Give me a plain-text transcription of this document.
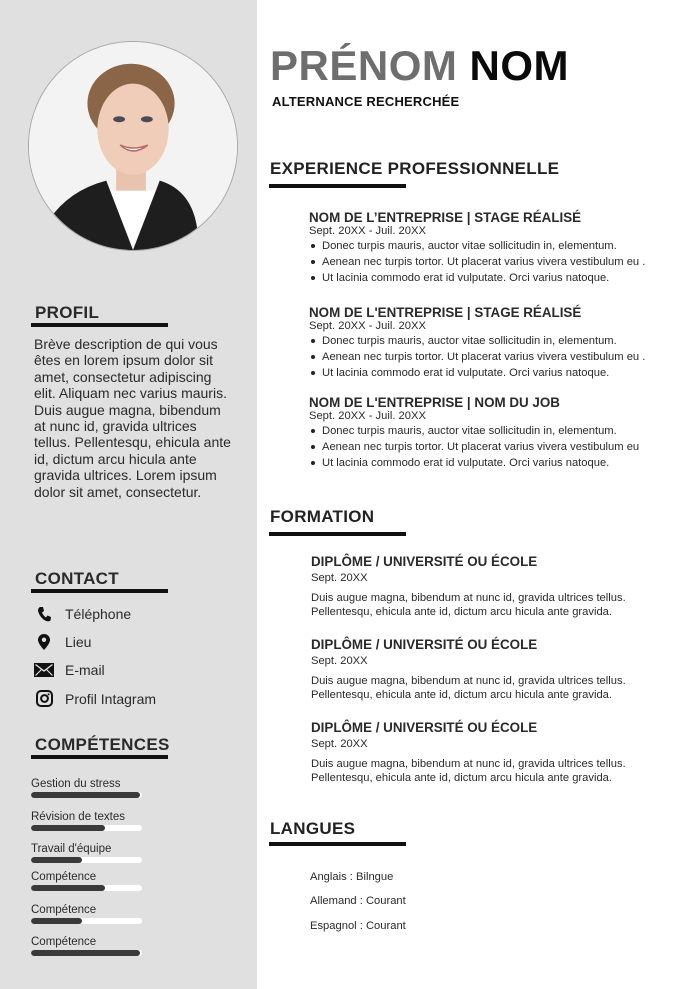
PROFIL

Brève description de qui vous êtes en lorem ipsum dolor sit amet, consectetur adipiscing elit. Aliquam nec varius mauris. Duis augue magna, bibendum at nunc id, gravida ultrices tellus. Pellentesqu, ehicula ante id, dictum arcu hicula ante gravida ultrices. Lorem ipsum dolor sit amet, consectetur.

CONTACT
Téléphone
Lieu
E-mail
Profil Intagram
COMPÉTENCES
Gestion du stress
Révision de textes
Travail d'équipe
Compétence
Compétence
Compétence
PRÉNOM NOM
ALTERNANCE RECHERCHÉE
EXPERIENCE PROFESSIONNELLE
NOM DE L’ENTREPRISE | STAGE RÉALISÉ
Sept. 20XX - Juil. 20XX
Donec turpis mauris, auctor vitae sollicitudin in, elementum.
Aenean nec turpis tortor. Ut placerat varius vivera vestibulum eu .
Ut lacinia commodo erat id vulputate. Orci varius natoque.
NOM DE L'ENTREPRISE | STAGE RÉALISÉ
Sept. 20XX - Juil. 20XX
Donec turpis mauris, auctor vitae sollicitudin in, elementum.
Aenean nec turpis tortor. Ut placerat varius vivera vestibulum eu .
Ut lacinia commodo erat id vulputate. Orci varius natoque.
NOM DE L'ENTREPRISE | NOM DU JOB
Sept. 20XX - Juil. 20XX
Donec turpis mauris, auctor vitae sollicitudin in, elementum.
Aenean nec turpis tortor. Ut placerat varius vivera vestibulum eu
Ut lacinia commodo erat id vulputate. Orci varius natoque.
FORMATION
DIPLÔME / UNIVERSITÉ OU ÉCOLE
Sept. 20XX
Duis augue magna, bibendum at nunc id, gravida ultrices tellus.
Pellentesqu, ehicula ante id, dictum arcu hicula ante gravida.
DIPLÔME / UNIVERSITÉ OU ÉCOLE
Sept. 20XX
Duis augue magna, bibendum at nunc id, gravida ultrices tellus.
Pellentesqu, ehicula ante id, dictum arcu hicula ante gravida.
DIPLÔME / UNIVERSITÉ OU ÉCOLE
Sept. 20XX
Duis augue magna, bibendum at nunc id, gravida ultrices tellus.
Pellentesqu, ehicula ante id, dictum arcu hicula ante gravida.
LANGUES
Anglais : Bilngue
Allemand : Courant
Espagnol : Courant
